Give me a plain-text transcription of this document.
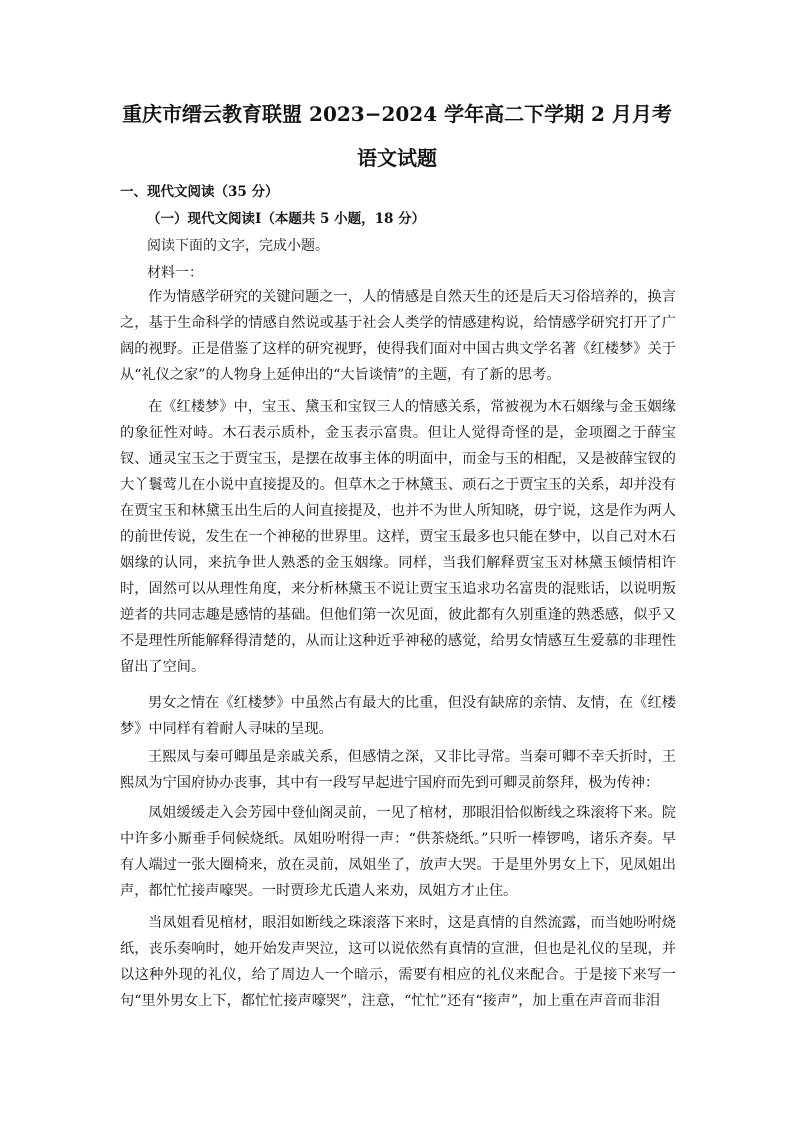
重庆市缙云教育联盟 2023−2024 学年高二下学期 2 月月考
语文试题
一、现代文阅读（35 分）
（一）现代文阅读Ⅰ（本题共 5 小题，18 分）
阅读下面的文字，完成小题。
材料一：

作为情感学研究的关键问题之一，人的情感是自然天生的还是后天习俗培养的，换言之，基于生命科学的情感自然说或基于社会人类学的情感建构说，给情感学研究打开了广阔的视野。正是借鉴了这样的研究视野，使得我们面对中国古典文学名著《红楼梦》关于从“礼仪之家”的人物身上延伸出的“大旨谈情”的主题，有了新的思考。

在《红楼梦》中，宝玉、黛玉和宝钗三人的情感关系，常被视为木石姻缘与金玉姻缘的象征性对峙。木石表示质朴，金玉表示富贵。但让人觉得奇怪的是，金项圈之于薛宝钗、通灵宝玉之于贾宝玉，是摆在故事主体的明面中，而金与玉的相配，又是被薛宝钗的大丫鬟莺儿在小说中直接提及的。但草木之于林黛玉、顽石之于贾宝玉的关系，却并没有在贾宝玉和林黛玉出生后的人间直接提及，也并不为世人所知晓，毋宁说，这是作为两人的前世传说，发生在一个神秘的世界里。这样，贾宝玉最多也只能在梦中，以自己对木石姻缘的认同，来抗争世人熟悉的金玉姻缘。同样，当我们解释贾宝玉对林黛玉倾情相许时，固然可以从理性角度，来分析林黛玉不说让贾宝玉追求功名富贵的混账话，以说明叛逆者的共同志趣是感情的基础。但他们第一次见面，彼此都有久别重逢的熟悉感，似乎又不是理性所能解释得清楚的，从而让这种近乎神秘的感觉，给男女情感互生爱慕的非理性留出了空间。

男女之情在《红楼梦》中虽然占有最大的比重，但没有缺席的亲情、友情，在《红楼梦》中同样有着耐人寻味的呈现。

王熙凤与秦可卿虽是亲戚关系，但感情之深，又非比寻常。当秦可卿不幸夭折时，王熙凤为宁国府协办丧事，其中有一段写早起进宁国府而先到可卿灵前祭拜，极为传神：

凤姐缓缓走入会芳园中登仙阁灵前，一见了棺材，那眼泪恰似断线之珠滚将下来。院中许多小厮垂手伺候烧纸。凤姐吩咐得一声：“供茶烧纸。”只听一棒锣鸣，诸乐齐奏。早有人端过一张大圈椅来，放在灵前，凤姐坐了，放声大哭。于是里外男女上下，见凤姐出声，都忙忙接声嚎哭。一时贾珍尤氏遣人来劝，凤姐方才止住。

当凤姐看见棺材，眼泪如断线之珠滚落下来时，这是真情的自然流露，而当她吩咐烧纸，丧乐奏响时，她开始发声哭泣，这可以说依然有真情的宣泄，但也是礼仪的呈现，并以这种外现的礼仪，给了周边人一个暗示，需要有相应的礼仪来配合。于是接下来写一句“里外男女上下，都忙忙接声嚎哭”，注意，“忙忙”还有“接声”，加上重在声音而非泪
